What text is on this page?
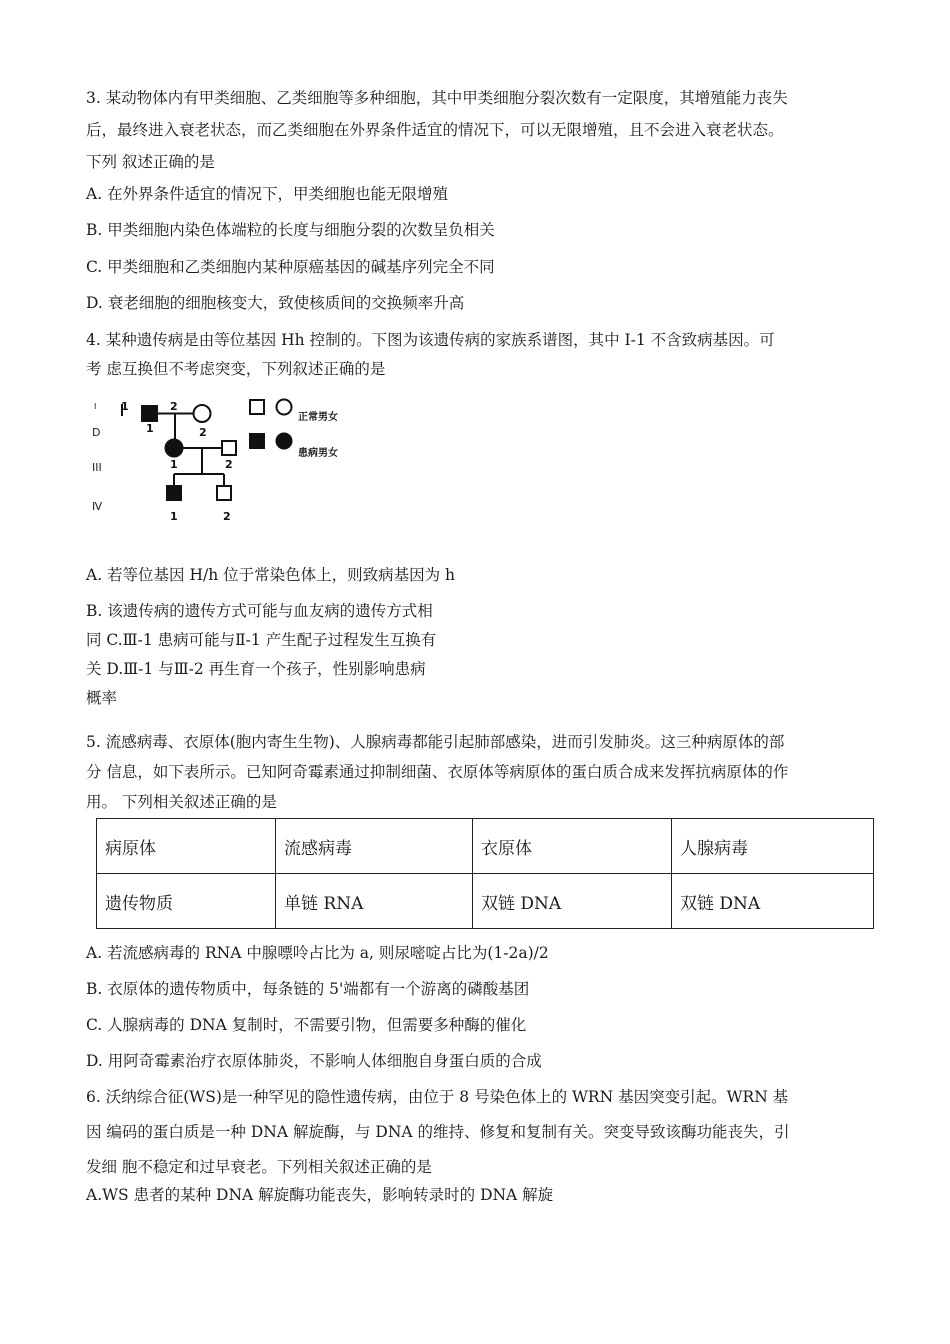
3. 某动物体内有甲类细胞、乙类细胞等多种细胞，其中甲类细胞分裂次数有一定限度，其增殖能力丧失
后，最终进入衰老状态，而乙类细胞在外界条件适宜的情况下，可以无限增殖，且不会进入衰老状态。
下列 叙述正确的是
A. 在外界条件适宜的情况下，甲类细胞也能无限增殖
B. 甲类细胞内染色体端粒的长度与细胞分裂的次数呈负相关
C. 甲类细胞和乙类细胞内某种原癌基因的碱基序列完全不同
D. 衰老细胞的细胞核变大，致使核质间的交换频率升高
4. 某种遗传病是由等位基因 Hh 控制的。下图为该遗传病的家族系谱图，其中 I-1 不含致病基因。可
考 虑互换但不考虑突变，下列叙述正确的是
I
D
III
Ⅳ
1
2
1
2
1
2
1
2
正常男女
患病男女
A. 若等位基因 H/h 位于常染色体上，则致病基因为 h
B. 该遗传病的遗传方式可能与血友病的遗传方式相
同 C.Ⅲ-1 患病可能与Ⅱ-1 产生配子过程发生互换有
关 D.Ⅲ-1 与Ⅲ-2 再生育一个孩子，性别影响患病
概率
5. 流感病毒、衣原体(胞内寄生生物)、人腺病毒都能引起肺部感染，进而引发肺炎。这三种病原体的部
分 信息，如下表所示。已知阿奇霉素通过抑制细菌、衣原体等病原体的蛋白质合成来发挥抗病原体的作
用。 下列相关叙述正确的是
病原体	流感病毒	衣原体	人腺病毒
遗传物质	单链 RNA	双链 DNA	双链 DNA
A. 若流感病毒的 RNA 中腺嘌呤占比为 a, 则尿嘧啶占比为(1-2a)/2
B. 衣原体的遗传物质中，每条链的 5'端都有一个游离的磷酸基团
C. 人腺病毒的 DNA 复制时，不需要引物，但需要多种酶的催化
D. 用阿奇霉素治疗衣原体肺炎，不影响人体细胞自身蛋白质的合成
6. 沃纳综合征(WS)是一种罕见的隐性遗传病，由位于 8 号染色体上的 WRN 基因突变引起。WRN 基
因 编码的蛋白质是一种 DNA 解旋酶，与 DNA 的维持、修复和复制有关。突变导致该酶功能丧失，引
发细 胞不稳定和过早衰老。下列相关叙述正确的是
A.WS 患者的某种 DNA 解旋酶功能丧失，影响转录时的 DNA 解旋
